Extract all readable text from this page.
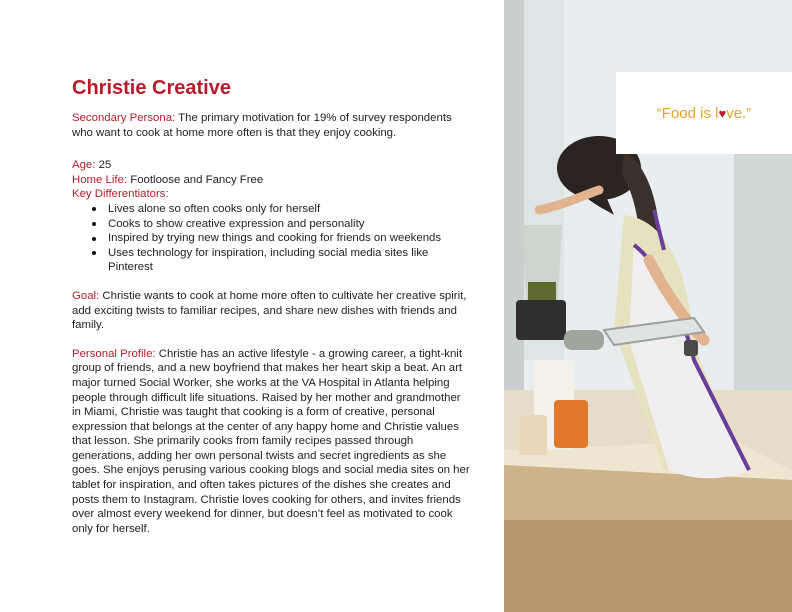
Christie Creative

Secondary Persona: The primary motivation for 19% of survey respondents who want to cook at home more often is that they enjoy cooking.

Age: 25

Home Life: Footloose and Fancy Free

Key Differentiators:

Lives alone so often cooks only for herself
Cooks to show creative expression and personality
Inspired by trying new things and cooking for friends on weekends
Uses technology for inspiration, including social media sites like Pinterest

Goal: Christie wants to cook at home more often to cultivate her creative spirit, add exciting twists to familiar recipes, and share new dishes with friends and family.

Personal Profile: Christie has an active lifestyle - a growing career, a tight-knit group of friends, and a new boyfriend that makes her heart skip a beat. An art major turned Social Worker, she works at the VA Hospital in Atlanta helping people through difficult life situations. Raised by her mother and grandmother in Miami, Christie was taught that cooking is a form of creative, personal expression that belongs at the center of any happy home and Christie values that lesson. She primarily cooks from family recipes passed through generations, adding her own personal twists and secret ingredients as she goes. She enjoys perusing various cooking blogs and social media sites on her tablet for inspiration, and often takes pictures of the dishes she creates and posts them to Instagram. Christie loves cooking for others, and invites friends over almost every weekend for dinner, but doesn’t feel as motivated to cook only for herself.

“Food is l♥ve.”
